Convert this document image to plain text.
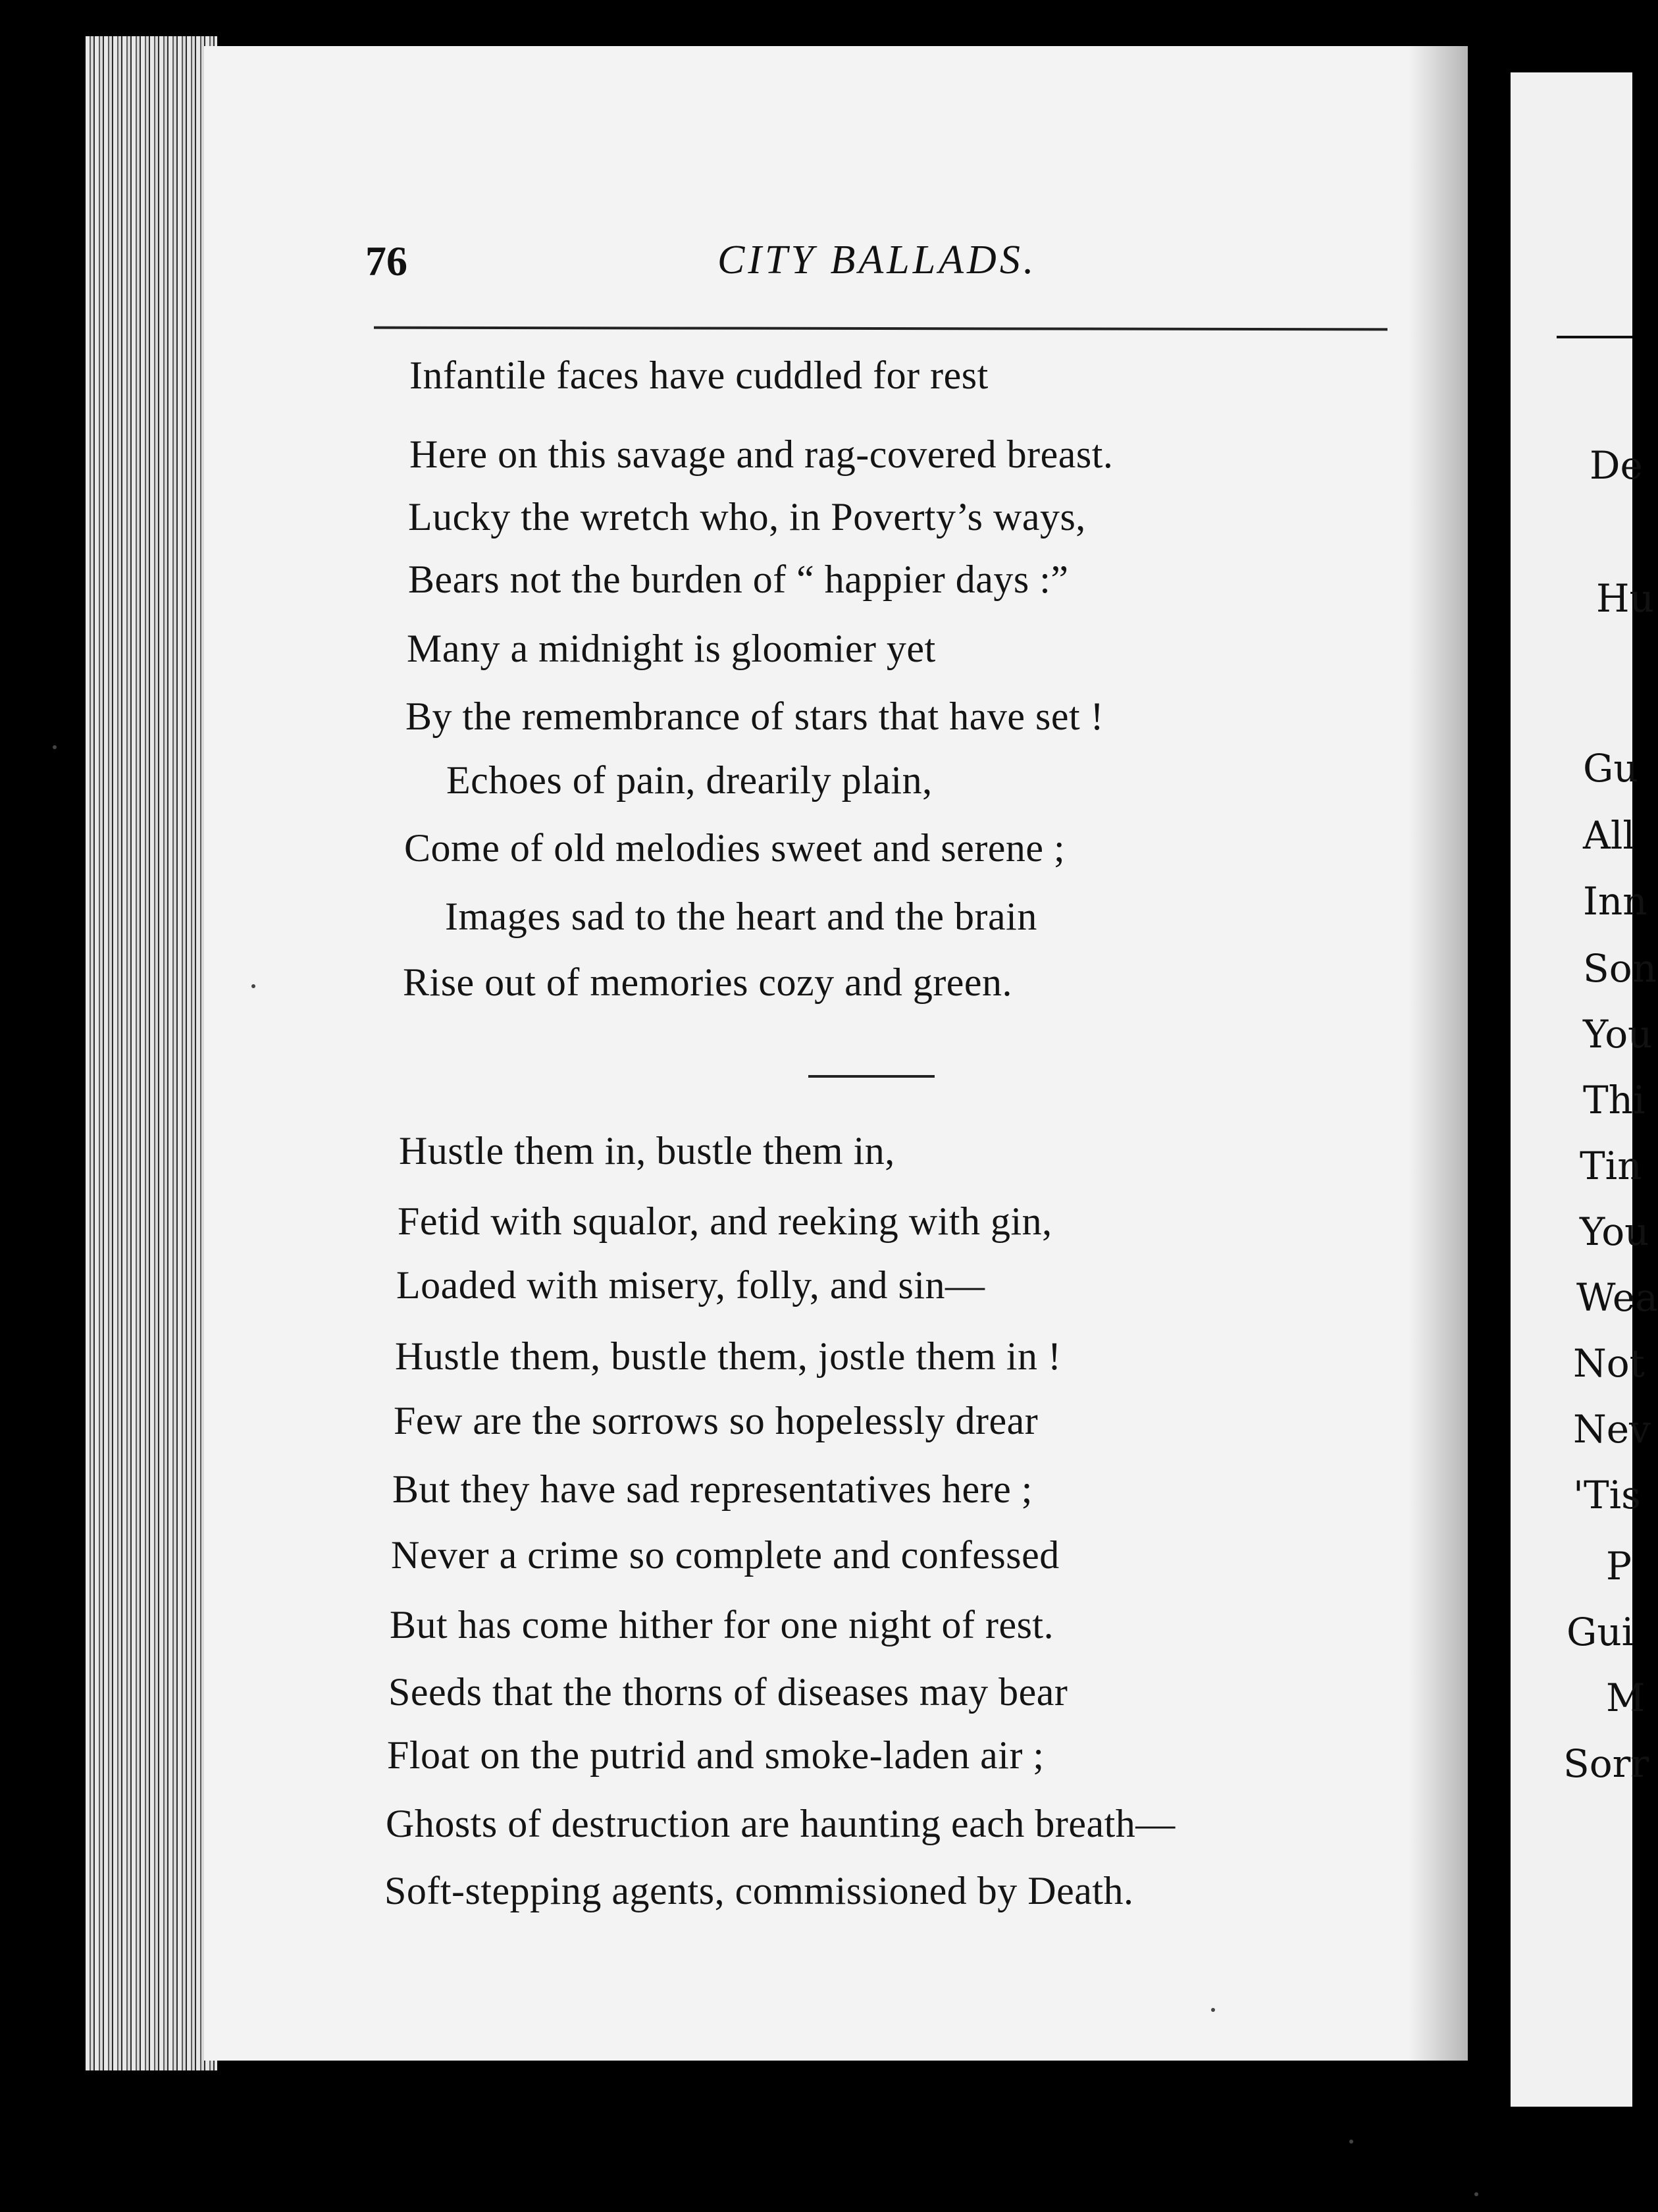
De
Hu
Gu
All
Inn
Son
You
Thi
Tin
You
Wea
Not
Nev
'Tis
P
Gui
M
Sorr
76	CITY BALLADS.
Infantile faces have cuddled for rest
Here on this savage and rag-covered breast.
Lucky the wretch who, in Poverty’s ways,
Bears not the burden of “ happier days :”
Many a midnight is gloomier yet
By the remembrance of stars that have set !
Echoes of pain, drearily plain,
Come of old melodies sweet and serene ;
Images sad to the heart and the brain
Rise out of memories cozy and green.
Hustle them in, bustle them in,
Fetid with squalor, and reeking with gin,
Loaded with misery, folly, and sin—
Hustle them, bustle them, jostle them in !
Few are the sorrows so hopelessly drear
But they have sad representatives here ;
Never a crime so complete and confessed
But has come hither for one night of rest.
Seeds that the thorns of diseases may bear
Float on the putrid and smoke-laden air ;
Ghosts of destruction are haunting each breath—
Soft-stepping agents, commissioned by Death.
